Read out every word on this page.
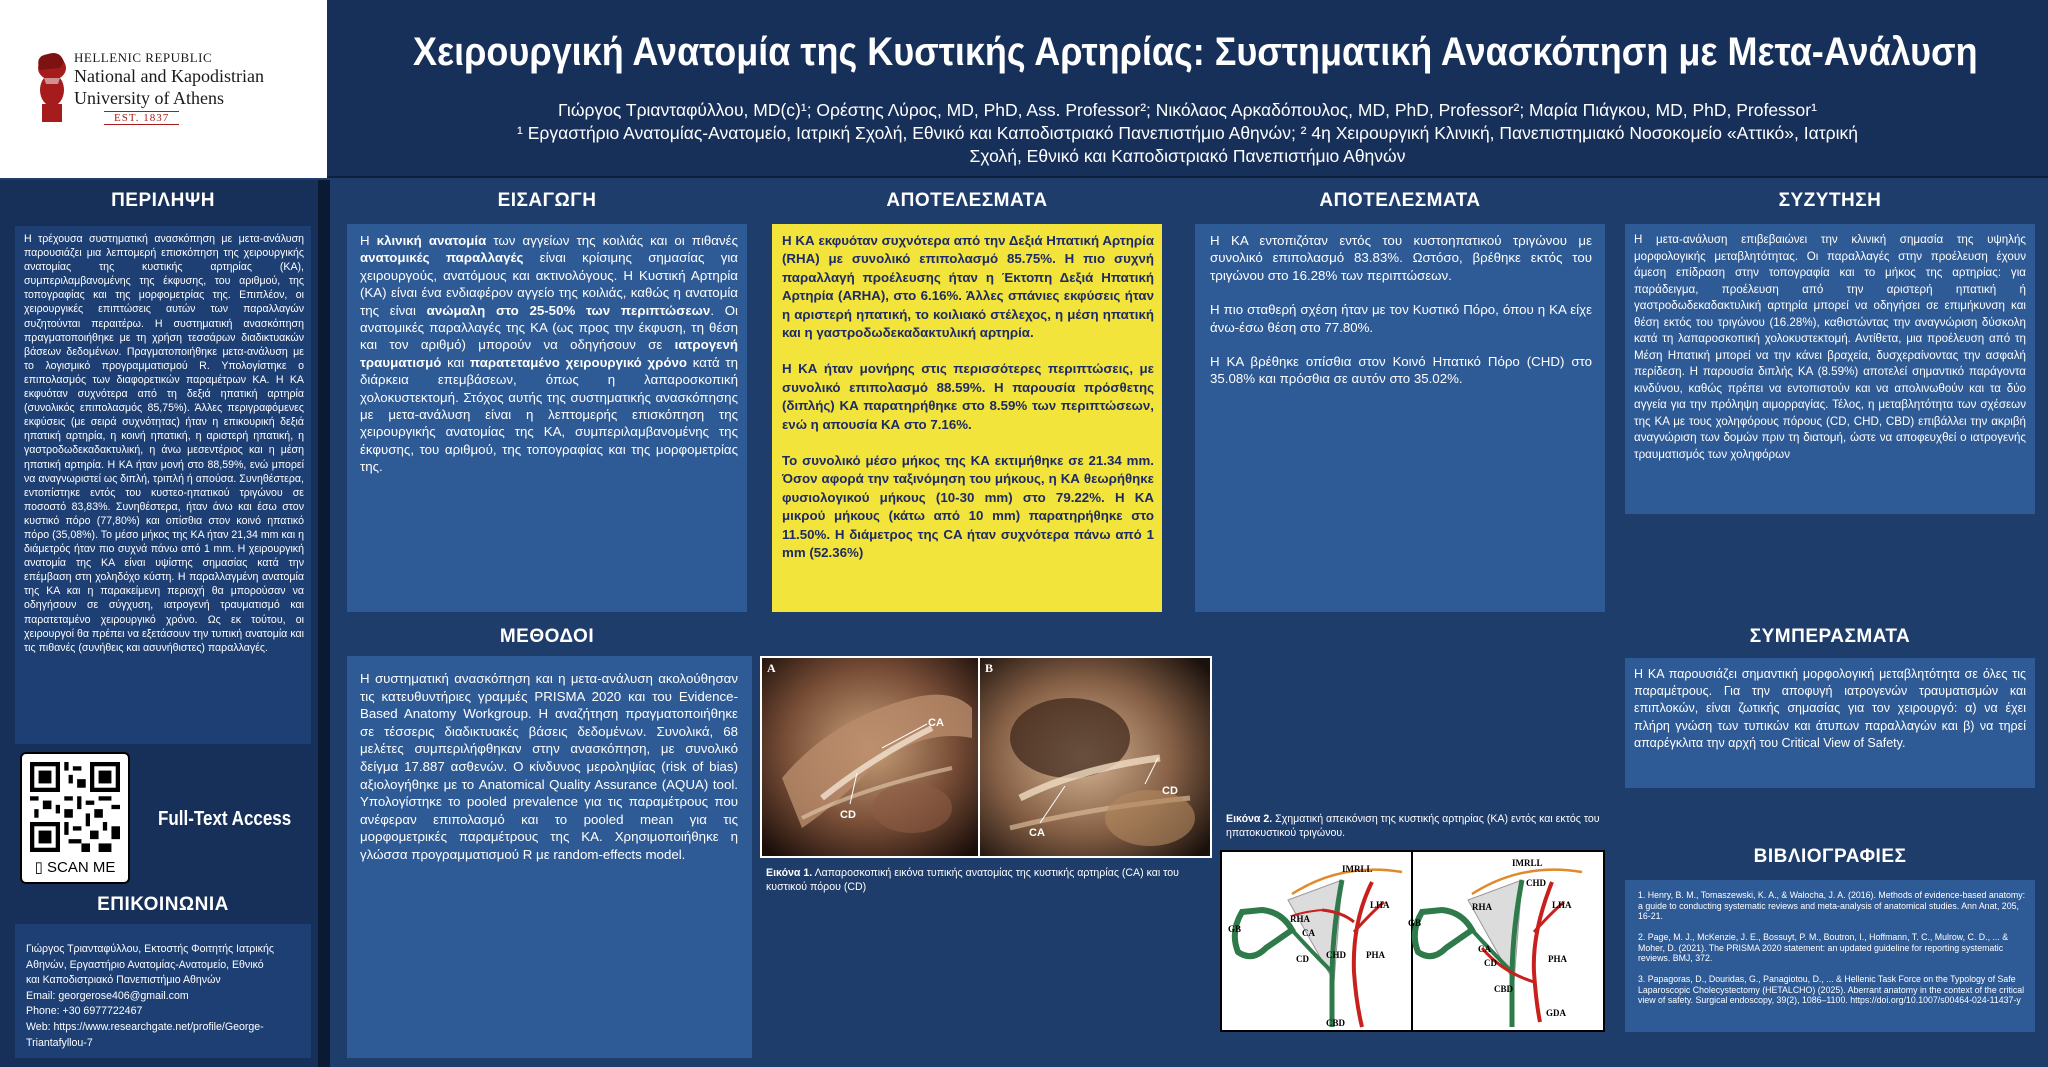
HELLENIC REPUBLIC
National and Kapodistrian
University of Athens
EST. 1837
Χειρουργική Ανατομία της Κυστικής Αρτηρίας: Συστηματική Ανασκόπηση με Μετα-Ανάλυση
Γιώργος Τριανταφύλλου, MD(c)¹; Ορέστης Λύρος, MD, PhD, Ass. Professor²; Νικόλαος Αρκαδόπουλος, MD, PhD, Professor²; Μαρία Πιάγκου, MD, PhD, Professor¹
¹ Εργαστήριο Ανατομίας-Ανατομείο, Ιατρική Σχολή, Εθνικό και Καποδιστριακό Πανεπιστήμιο Αθηνών; ² 4η Χειρουργική Κλινική, Πανεπιστημιακό Νοσοκομείο «Αττικό», Ιατρική
Σχολή, Εθνικό και Καποδιστριακό Πανεπιστήμιο Αθηνών
ΠΕΡΙΛΗΨΗ
Η τρέχουσα συστηματική ανασκόπηση με μετα-ανάλυση παρουσιάζει μια λεπτομερή επισκόπηση της χειρουργικής ανατομίας της κυστικής αρτηρίας (ΚΑ), συμπεριλαμβανομένης της έκφυσης, του αριθμού, της τοπογραφίας και της μορφομετρίας της. Επιπλέον, οι χειρουργικές επιπτώσεις αυτών των παραλλαγών συζητούνται περαιτέρω. Η συστηματική ανασκόπηση πραγματοποιήθηκε με τη χρήση τεσσάρων διαδικτυακών βάσεων δεδομένων. Πραγματοποιήθηκε μετα-ανάλυση με το λογισμικό προγραμματισμού R. Υπολογίστηκε ο επιπολασμός των διαφορετικών παραμέτρων ΚΑ. Η ΚΑ εκφυόταν συχνότερα από τη δεξιά ηπατική αρτηρία (συνολικός επιπολασμός 85,75%). Άλλες περιγραφόμενες εκφύσεις (με σειρά συχνότητας) ήταν η επικουρική δεξιά ηπατική αρτηρία, η κοινή ηπατική, η αριστερή ηπατική, η γαστροδωδεκαδακτυλική, η άνω μεσεντέριος και η μέση ηπατική αρτηρία. Η ΚΑ ήταν μονή στο 88,59%, ενώ μπορεί να αναγνωριστεί ως διπλή, τριπλή ή απούσα. Συνηθέστερα, εντοπίστηκε εντός του κυστεο-ηπατικού τριγώνου σε ποσοστό 83,83%. Συνηθέστερα, ήταν άνω και έσω στον κυστικό πόρο (77,80%) και οπίσθια στον κοινό ηπατικό πόρο (35,08%). Το μέσο μήκος της ΚΑ ήταν 21,34 mm και η διάμετρός ήταν πιο συχνά πάνω από 1 mm. Η χειρουργική ανατομία της ΚΑ είναι υψίστης σημασίας κατά την επέμβαση στη χοληδόχο κύστη. Η παραλλαγμένη ανατομία της ΚΑ και η παρακείμενη περιοχή θα μπορούσαν να οδηγήσουν σε σύγχυση, ιατρογενή τραυματισμό και παρατεταμένο χειρουργικό χρόνο. Ως εκ τούτου, οι χειρουργοί θα πρέπει να εξετάσουν την τυπική ανατομία και τις πιθανές (συνήθεις και ασυνήθιστες) παραλλαγές.
▯ SCAN ME
Full-Text Access
ΕΠΙΚΟΙΝΩΝΙΑ
Γιώργος Τριανταφύλλου, Εκτοστής Φοιτητής Ιατρικής
Αθηνών, Εργαστήριο Ανατομίας-Ανατομείο, Εθνικό
και Καποδιστριακό Πανεπιστήμιο Αθηνών
Email: georgerose406@gmail.com
Phone: +30 6977722467
Web: https://www.researchgate.net/profile/George-
Triantafyllou-7
ΕΙΣΑΓΩΓΗ	ΑΠΟΤΕΛΕΣΜΑΤΑ	ΑΠΟΤΕΛΕΣΜΑΤΑ	ΣΥΖΥΤΗΣΗ
ΜΕΘΟΔΟΙ	ΣΥΜΠΕΡΑΣΜΑΤΑ
ΒΙΒΛΙΟΓΡΑΦΙΕΣ
Η κλινική ανατομία των αγγείων της κοιλιάς και οι πιθανές ανατομικές παραλλαγές είναι κρίσιμης σημασίας για χειρουργούς, ανατόμους και ακτινολόγους. Η Κυστική Αρτηρία (ΚΑ) είναι ένα ενδιαφέρον αγγείο της κοιλιάς, καθώς η ανατομία της είναι ανώμαλη στο 25-50% των περιπτώσεων. Οι ανατομικές παραλλαγές της ΚΑ (ως προς την έκφυση, τη θέση και τον αριθμό) μπορούν να οδηγήσουν σε ιατρογενή τραυματισμό και παρατεταμένο χειρουργικό χρόνο κατά τη διάρκεια επεμβάσεων, όπως η λαπαροσκοπική χολοκυστεκτομή. Στόχος αυτής της συστηματικής ανασκόπησης με μετα-ανάλυση είναι η λεπτομερής επισκόπηση της χειρουργικής ανατομίας της ΚΑ, συμπεριλαμβανομένης της έκφυσης, του αριθμού, της τοπογραφίας και της μορφομετρίας της.
Η ΚΑ εκφυόταν συχνότερα από την Δεξιά Ηπατική Αρτηρία (RHA) με συνολικό επιπολασμό 85.75%. Η πιο συχνή παραλλαγή προέλευσης ήταν η Έκτοπη Δεξιά Ηπατική Αρτηρία (ARHA), στο 6.16%. Άλλες σπάνιες εκφύσεις ήταν η αριστερή ηπατική, το κοιλιακό στέλεχος, η μέση ηπατική και η γαστροδωδεκαδακτυλική αρτηρία.
Η ΚΑ ήταν μονήρης στις περισσότερες περιπτώσεις, με συνολικό επιπολασμό 88.59%. Η παρουσία πρόσθετης (διπλής) ΚΑ παρατηρήθηκε στο 8.59% των περιπτώσεων, ενώ η απουσία ΚΑ στο 7.16%.
Το συνολικό μέσο μήκος της ΚΑ εκτιμήθηκε σε 21.34 mm. Όσον αφορά την ταξινόμηση του μήκους, η ΚΑ θεωρήθηκε φυσιολογικού μήκους (10-30 mm) στο 79.22%. Η ΚΑ μικρού μήκους (κάτω από 10 mm) παρατηρήθηκε στο 11.50%. Η διάμετρος της CA ήταν συχνότερα πάνω από 1 mm (52.36%)
Η ΚΑ εντοπιζόταν εντός του κυστοηπατικού τριγώνου με συνολικό επιπολασμό 83.83%. Ωστόσο, βρέθηκε εκτός του τριγώνου στο 16.28% των περιπτώσεων.
Η πιο σταθερή σχέση ήταν με τον Κυστικό Πόρο, όπου η ΚΑ είχε άνω-έσω θέση στο 77.80%.
Η ΚΑ βρέθηκε οπίσθια στον Κοινό Ηπατικό Πόρο (CHD) στο 35.08% και πρόσθια σε αυτόν στο 35.02%.
Η μετα-ανάλυση επιβεβαιώνει την κλινική σημασία της υψηλής μορφολογικής μεταβλητότητας. Οι παραλλαγές στην προέλευση έχουν άμεση επίδραση στην τοπογραφία και το μήκος της αρτηρίας: για παράδειγμα, προέλευση από την αριστερή ηπατική ή γαστροδωδεκαδακτυλική αρτηρία μπορεί να οδηγήσει σε επιμήκυνση και θέση εκτός του τριγώνου (16.28%), καθιστώντας την αναγνώριση δύσκολη κατά τη λαπαροσκοπική χολοκυστεκτομή. Αντίθετα, μια προέλευση από τη Μέση Ηπατική μπορεί να την κάνει βραχεία, δυσχεραίνοντας την ασφαλή περίδεση. Η παρουσία διπλής ΚΑ (8.59%) αποτελεί σημαντικό παράγοντα κινδύνου, καθώς πρέπει να εντοπιστούν και να απολινωθούν και τα δύο αγγεία για την πρόληψη αιμορραγίας. Τέλος, η μεταβλητότητα των σχέσεων της ΚΑ με τους χοληφόρους πόρους (CD, CHD, CBD) επιβάλλει την ακριβή αναγνώριση των δομών πριν τη διατομή, ώστε να αποφευχθεί ο ιατρογενής τραυματισμός των χοληφόρων
Η συστηματική ανασκόπηση και η μετα-ανάλυση ακολούθησαν τις κατευθυντήριες γραμμές PRISMA 2020 και του Evidence-Based Anatomy Workgroup. Η αναζήτηση πραγματοποιήθηκε σε τέσσερις διαδικτυακές βάσεις δεδομένων. Συνολικά, 68 μελέτες συμπεριλήφθηκαν στην ανασκόπηση, με συνολικό δείγμα 17.887 ασθενών. Ο κίνδυνος μεροληψίας (risk of bias) αξιολογήθηκε με το Anatomical Quality Assurance (AQUA) tool. Υπολογίστηκε το pooled prevalence για τις παραμέτρους που ανέφεραν επιπολασμό και το pooled mean για τις μορφομετρικές παραμέτρους της ΚΑ. Χρησιμοποιήθηκε η γλώσσα προγραμματισμού R με random-effects model.
A
CA
CD
B
CA
CD
Εικόνα 1. Λαπαροσκοπική εικόνα τυπικής ανατομίας της κυστικής αρτηρίας (CA) και του κυστικού πόρου (CD)
Εικόνα 2. Σχηματική απεικόνιση της κυστικής αρτηρίας (ΚΑ) εντός και εκτός του ηπατοκυστικού τριγώνου.
IMRLL
LHA
RHA
CA
GB
CD CHD PHA
CBD
IMRLL
LHA
RHA
CA
GB
CD
CHD
PHA
CBD
GDA
Η ΚΑ παρουσιάζει σημαντική μορφολογική μεταβλητότητα σε όλες τις παραμέτρους. Για την αποφυγή ιατρογενών τραυματισμών και επιπλοκών, είναι ζωτικής σημασίας για τον χειρουργό: α) να έχει πλήρη γνώση των τυπικών και άτυπων παραλλαγών και β) να τηρεί απαρέγκλιτα την αρχή του Critical View of Safety.
1. Henry, B. M., Tomaszewski, K. A., & Walocha, J. A. (2016). Methods of evidence-based anatomy: a guide to conducting systematic reviews and meta-analysis of anatomical studies. Ann Anat, 205, 16-21.
2. Page, M. J., McKenzie, J. E., Bossuyt, P. M., Boutron, I., Hoffmann, T. C., Mulrow, C. D., ... & Moher, D. (2021). The PRISMA 2020 statement: an updated guideline for reporting systematic reviews. BMJ, 372.
3. Papagoras, D., Douridas, G., Panagiotou, D., ... & Hellenic Task Force on the Typology of Safe Laparoscopic Cholecystectomy (HETALCHO) (2025). Aberrant anatomy in the context of the critical view of safety. Surgical endoscopy, 39(2), 1086–1100. https://doi.org/10.1007/s00464-024-11437-y
